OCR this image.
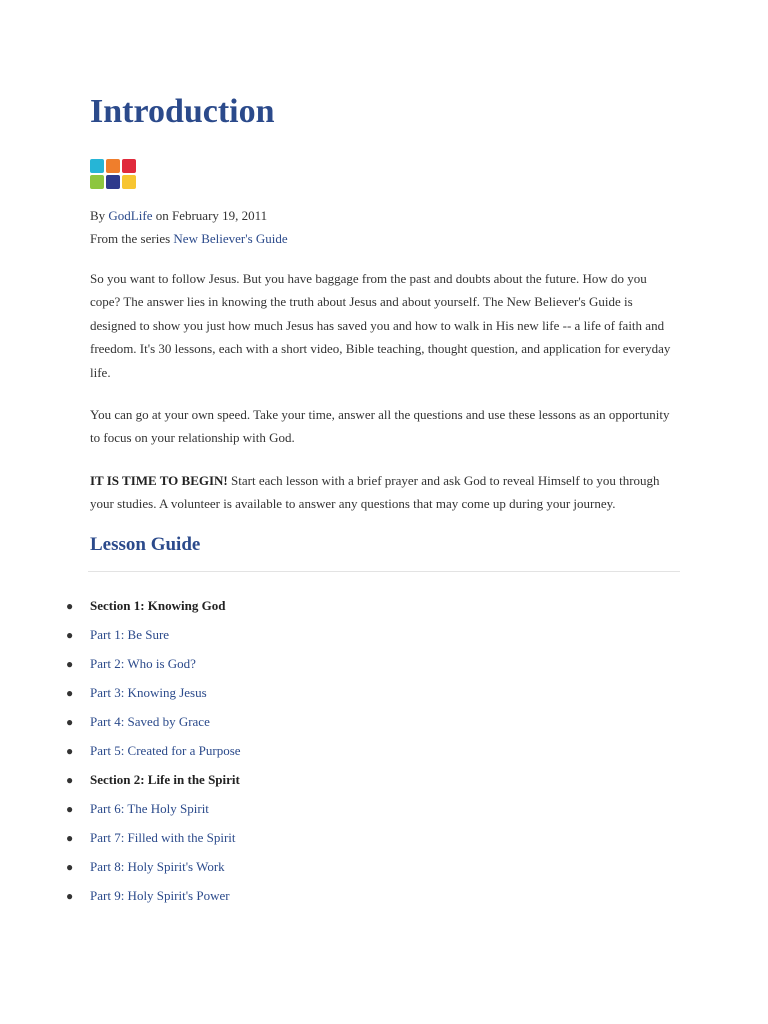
Introduction
By GodLife on February 19, 2011
From the series New Believer's Guide

So you want to follow Jesus. But you have baggage from the past and doubts about the future. How do you cope? The answer lies in knowing the truth about Jesus and about yourself. The New Believer's Guide is designed to show you just how much Jesus has saved you and how to walk in His new life -- a life of faith and freedom. It's 30 lessons, each with a short video, Bible teaching, thought question, and application for everyday life.

You can go at your own speed. Take your time, answer all the questions and use these lessons as an opportunity to focus on your relationship with God.

IT IS TIME TO BEGIN! Start each lesson with a brief prayer and ask God to reveal Himself to you through your studies. A volunteer is available to answer any questions that may come up during your journey.

Lesson Guide
● Section 1: Knowing God
● Part 1: Be Sure
● Part 2: Who is God?
● Part 3: Knowing Jesus
● Part 4: Saved by Grace
● Part 5: Created for a Purpose
● Section 2: Life in the Spirit
● Part 6: The Holy Spirit
● Part 7: Filled with the Spirit
● Part 8: Holy Spirit's Work
● Part 9: Holy Spirit's Power
